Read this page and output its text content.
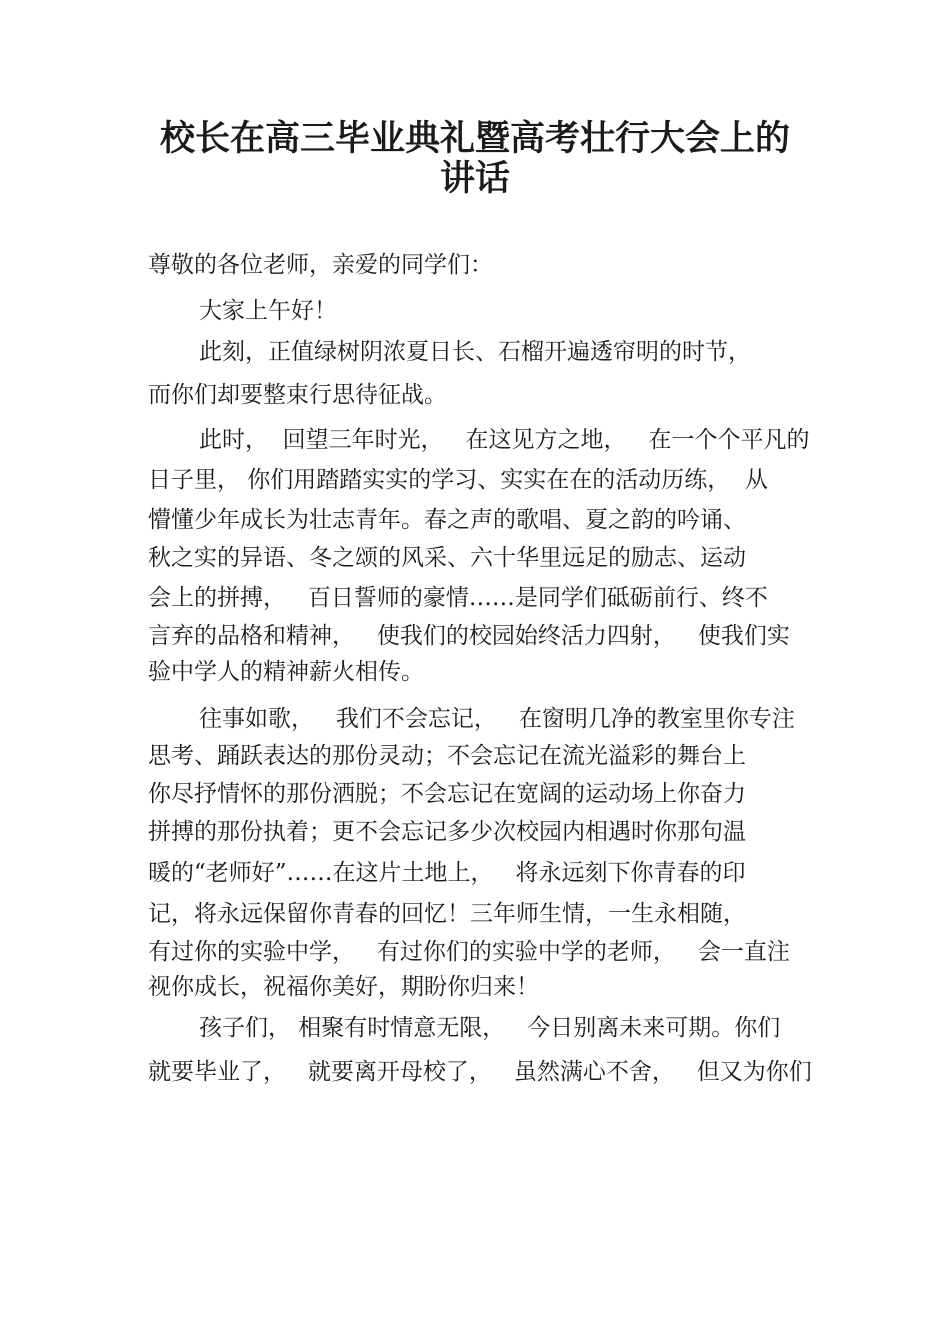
校长在高三毕业典礼暨高考壮行大会上的
讲话

尊敬的各位老师，亲爱的同学们：

大家上午好！

此刻，正值绿树阴浓夏日长、石榴开遍透帘明的时节，

而你们却要整束行思待征战。

此时，  回望三年时光，   在这见方之地，   在一个个平凡的

日子里， 你们用踏踏实实的学习、实实在在的活动历练，  从

懵懂少年成长为壮志青年。春之声的歌唱、夏之韵的吟诵、

秋之实的异语、冬之颂的风采、六十华里远足的励志、运动

会上的拼搏，   百日誓师的豪情……是同学们砥砺前行、终不

言弃的品格和精神，   使我们的校园始终活力四射，   使我们实

验中学人的精神薪火相传。

往事如歌，   我们不会忘记，   在窗明几净的教室里你专注

思考、踊跃表达的那份灵动；不会忘记在流光溢彩的舞台上

你尽抒情怀的那份洒脱；不会忘记在宽阔的运动场上你奋力

拼搏的那份执着；更不会忘记多少次校园内相遇时你那句温

暖的“老师好”……在这片土地上，   将永远刻下你青春的印

记，将永远保留你青春的回忆！三年师生情，一生永相随，

有过你的实验中学，   有过你们的实验中学的老师，   会一直注

视你成长，祝福你美好，期盼你归来！

孩子们， 相聚有时情意无限，   今日别离未来可期。你们

就要毕业了，   就要离开母校了，   虽然满心不舍，   但又为你们
